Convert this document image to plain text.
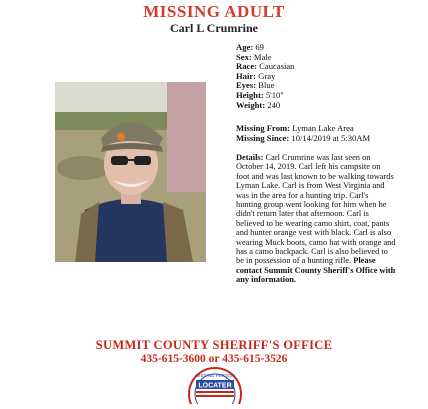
MISSING ADULT
Carl L Crumrine
Age: 69
Sex: Male
Race: Caucasian
Hair: Gray
Eyes: Blue
Height: 5'10"
Weight: 240
Missing From: Lyman Lake Area
Missing Since: 10/14/2019 at 5:30AM
Details: Carl Crumrine was last seen on October 14, 2019. Carl left his campsite on foot and was last known to be walking towards Lyman Lake. Carl is from West Virginia and was in the area for a hunting trip. Carl's hunting group went looking for him when he didn't return later that afternoon. Carl is believed to be wearing camo shirt, coat, pants and hunter orange vest with black. Carl is also wearing Muck boots, camo hat with orange and has a camo backpack. Carl is also believed to be in possession of a hunting rifle. Please contact Summit County Sheriff's Office with any information.
SUMMIT COUNTY SHERIFF'S OFFICE
435-615-3600 or 435-615-3526
MISSING PERSON
LOCATER
